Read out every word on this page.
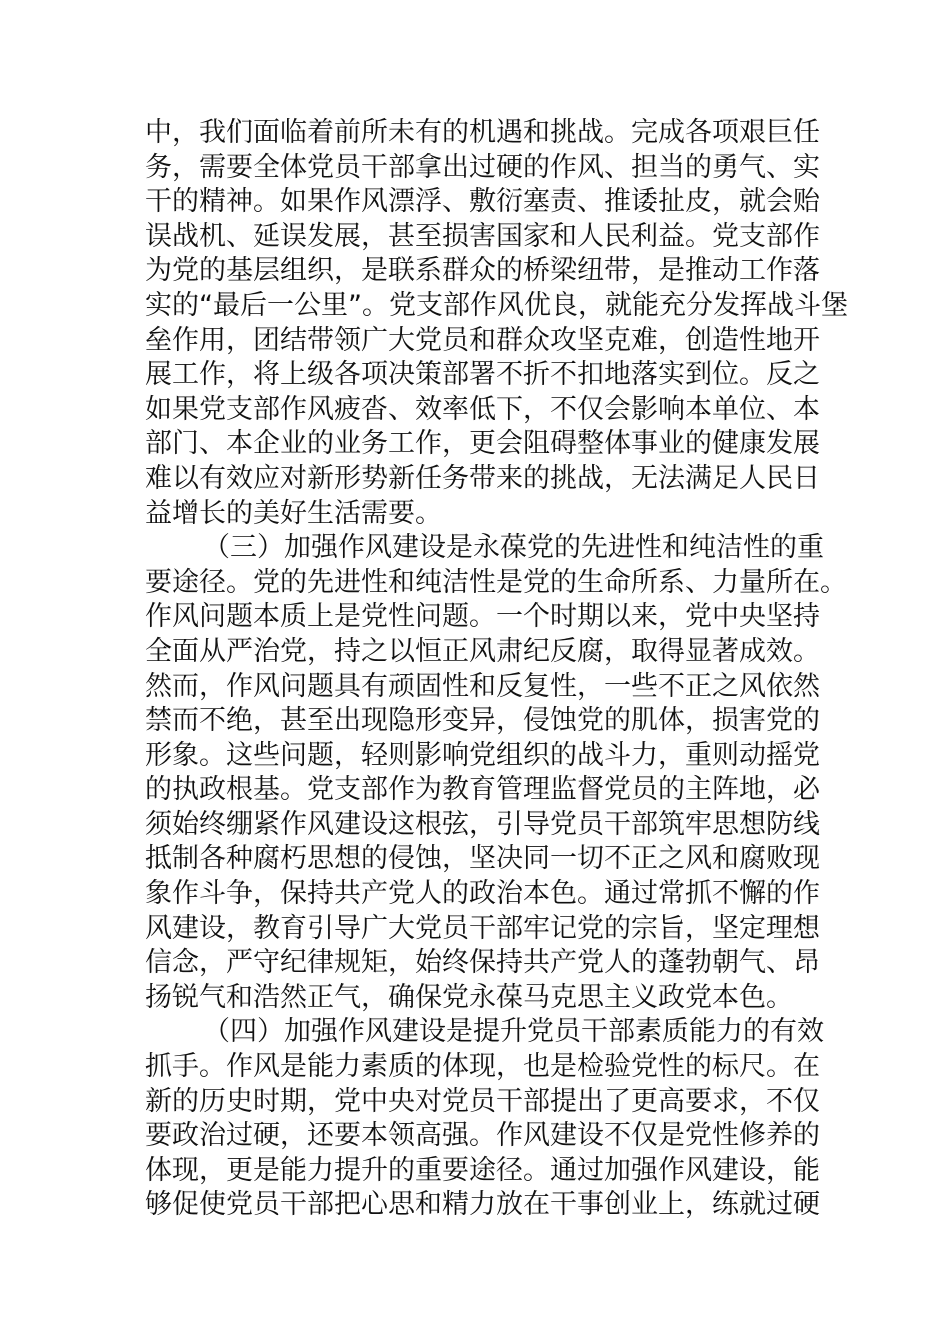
中，我们面临着前所未有的机遇和挑战。完成各项艰巨任
务，需要全体党员干部拿出过硬的作风、担当的勇气、实
干的精神。如果作风漂浮、敷衍塞责、推诿扯皮，就会贻
误战机、延误发展，甚至损害国家和人民利益。党支部作
为党的基层组织，是联系群众的桥梁纽带，是推动工作落
实的“最后一公里”。党支部作风优良，就能充分发挥战斗堡
垒作用，团结带领广大党员和群众攻坚克难，创造性地开
展工作，将上级各项决策部署不折不扣地落实到位。反之
如果党支部作风疲沓、效率低下，不仅会影响本单位、本
部门、本企业的业务工作，更会阻碍整体事业的健康发展
难以有效应对新形势新任务带来的挑战，无法满足人民日
益增长的美好生活需要。
（三）加强作风建设是永葆党的先进性和纯洁性的重
要途径。党的先进性和纯洁性是党的生命所系、力量所在。
作风问题本质上是党性问题。一个时期以来，党中央坚持
全面从严治党，持之以恒正风肃纪反腐，取得显著成效。
然而，作风问题具有顽固性和反复性，一些不正之风依然
禁而不绝，甚至出现隐形变异，侵蚀党的肌体，损害党的
形象。这些问题，轻则影响党组织的战斗力，重则动摇党
的执政根基。党支部作为教育管理监督党员的主阵地，必
须始终绷紧作风建设这根弦，引导党员干部筑牢思想防线
抵制各种腐朽思想的侵蚀，坚决同一切不正之风和腐败现
象作斗争，保持共产党人的政治本色。通过常抓不懈的作
风建设，教育引导广大党员干部牢记党的宗旨，坚定理想
信念，严守纪律规矩，始终保持共产党人的蓬勃朝气、昂
扬锐气和浩然正气，确保党永葆马克思主义政党本色。
（四）加强作风建设是提升党员干部素质能力的有效
抓手。作风是能力素质的体现，也是检验党性的标尺。在
新的历史时期，党中央对党员干部提出了更高要求，不仅
要政治过硬，还要本领高强。作风建设不仅是党性修养的
体现，更是能力提升的重要途径。通过加强作风建设，能
够促使党员干部把心思和精力放在干事创业上，练就过硬
